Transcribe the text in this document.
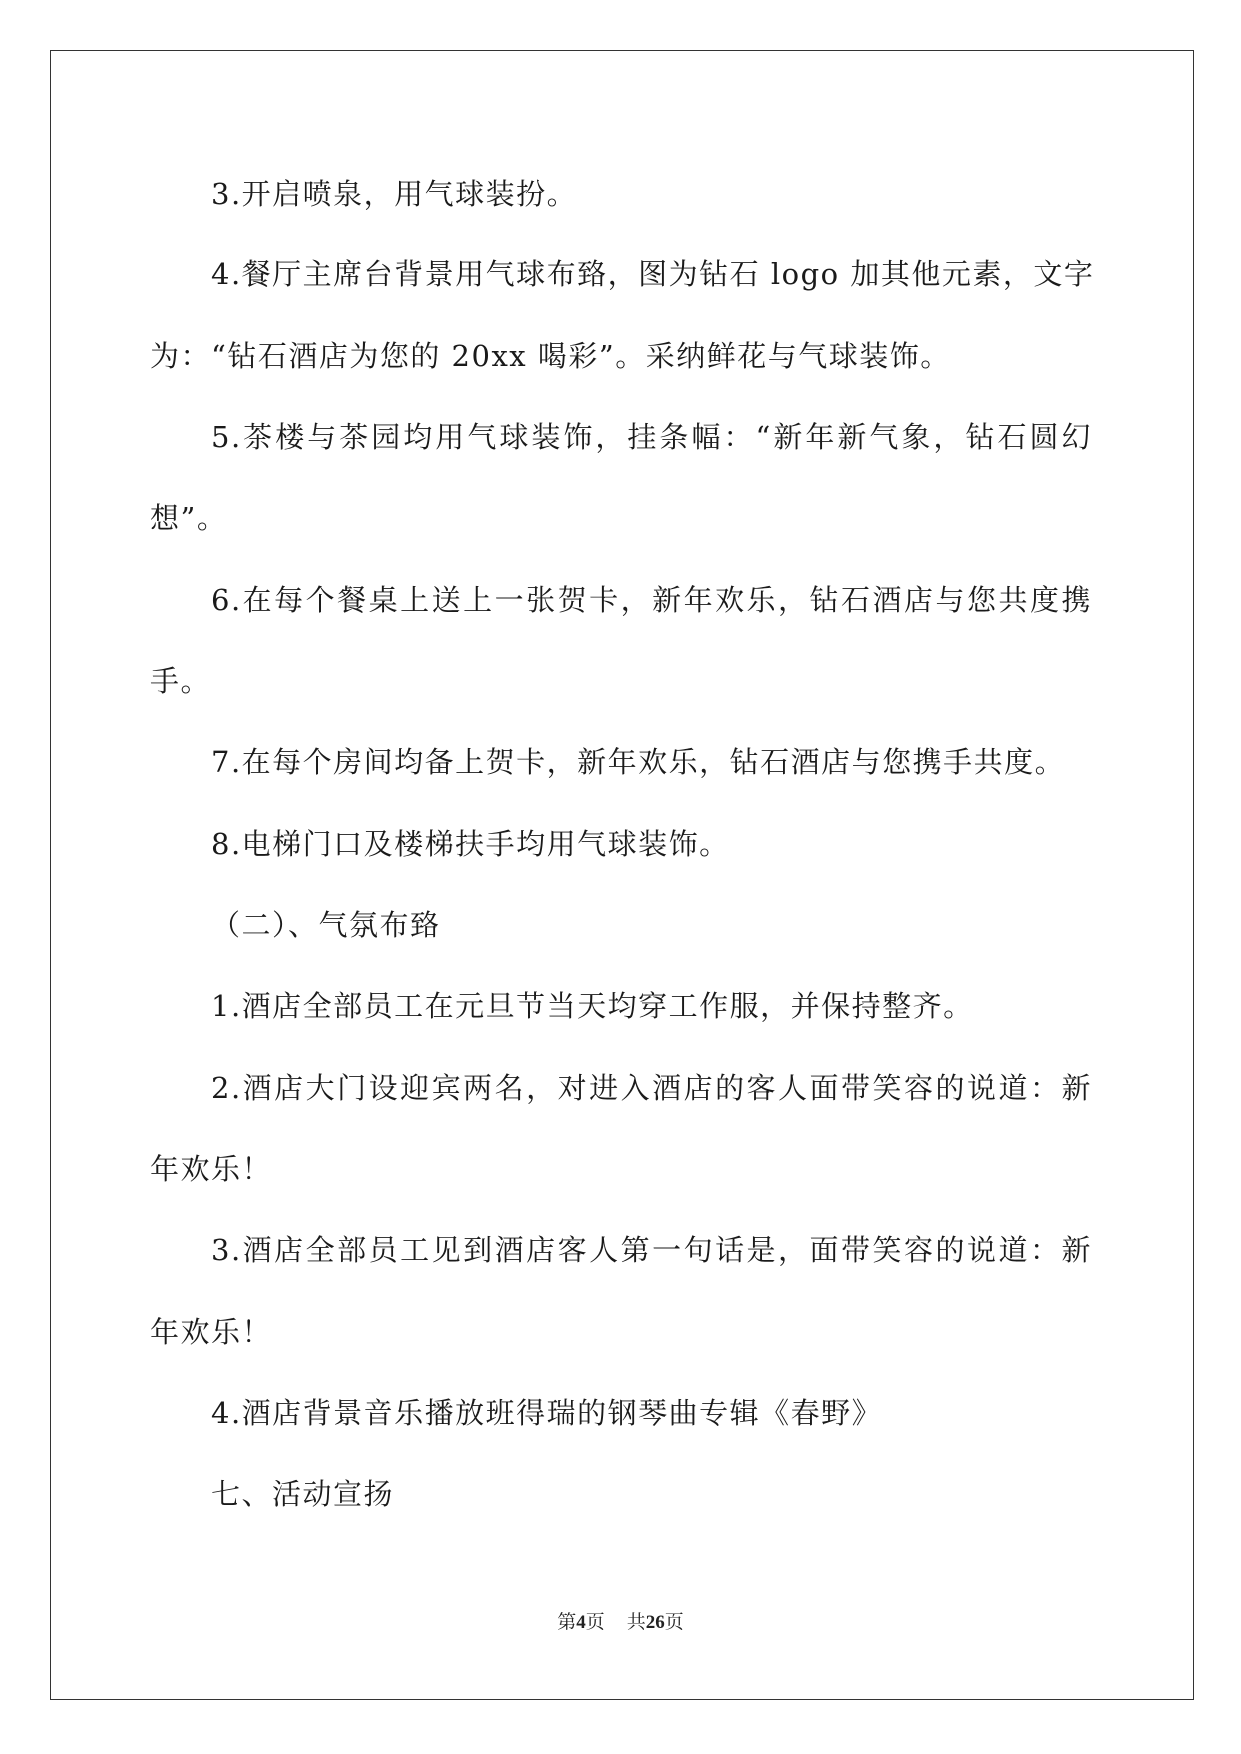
3.开启喷泉，用气球装扮。

4.餐厅主席台背景用气球布臵，图为钻石 logo 加其他元素，文字

为：“钻石酒店为您的 20xx 喝彩”。采纳鲜花与气球装饰。

5.茶楼与茶园均用气球装饰，挂条幅：“新年新气象，钻石圆幻

想”。

6.在每个餐桌上送上一张贺卡，新年欢乐，钻石酒店与您共度携

手。

7.在每个房间均备上贺卡，新年欢乐，钻石酒店与您携手共度。

8.电梯门口及楼梯扶手均用气球装饰。

（二）、气氛布臵

1.酒店全部员工在元旦节当天均穿工作服，并保持整齐。

2.酒店大门设迎宾两名，对进入酒店的客人面带笑容的说道：新

年欢乐！

3.酒店全部员工见到酒店客人第一句话是，面带笑容的说道：新

年欢乐！

4.酒店背景音乐播放班得瑞的钢琴曲专辑《春野》

七、活动宣扬

第4页 共26页
